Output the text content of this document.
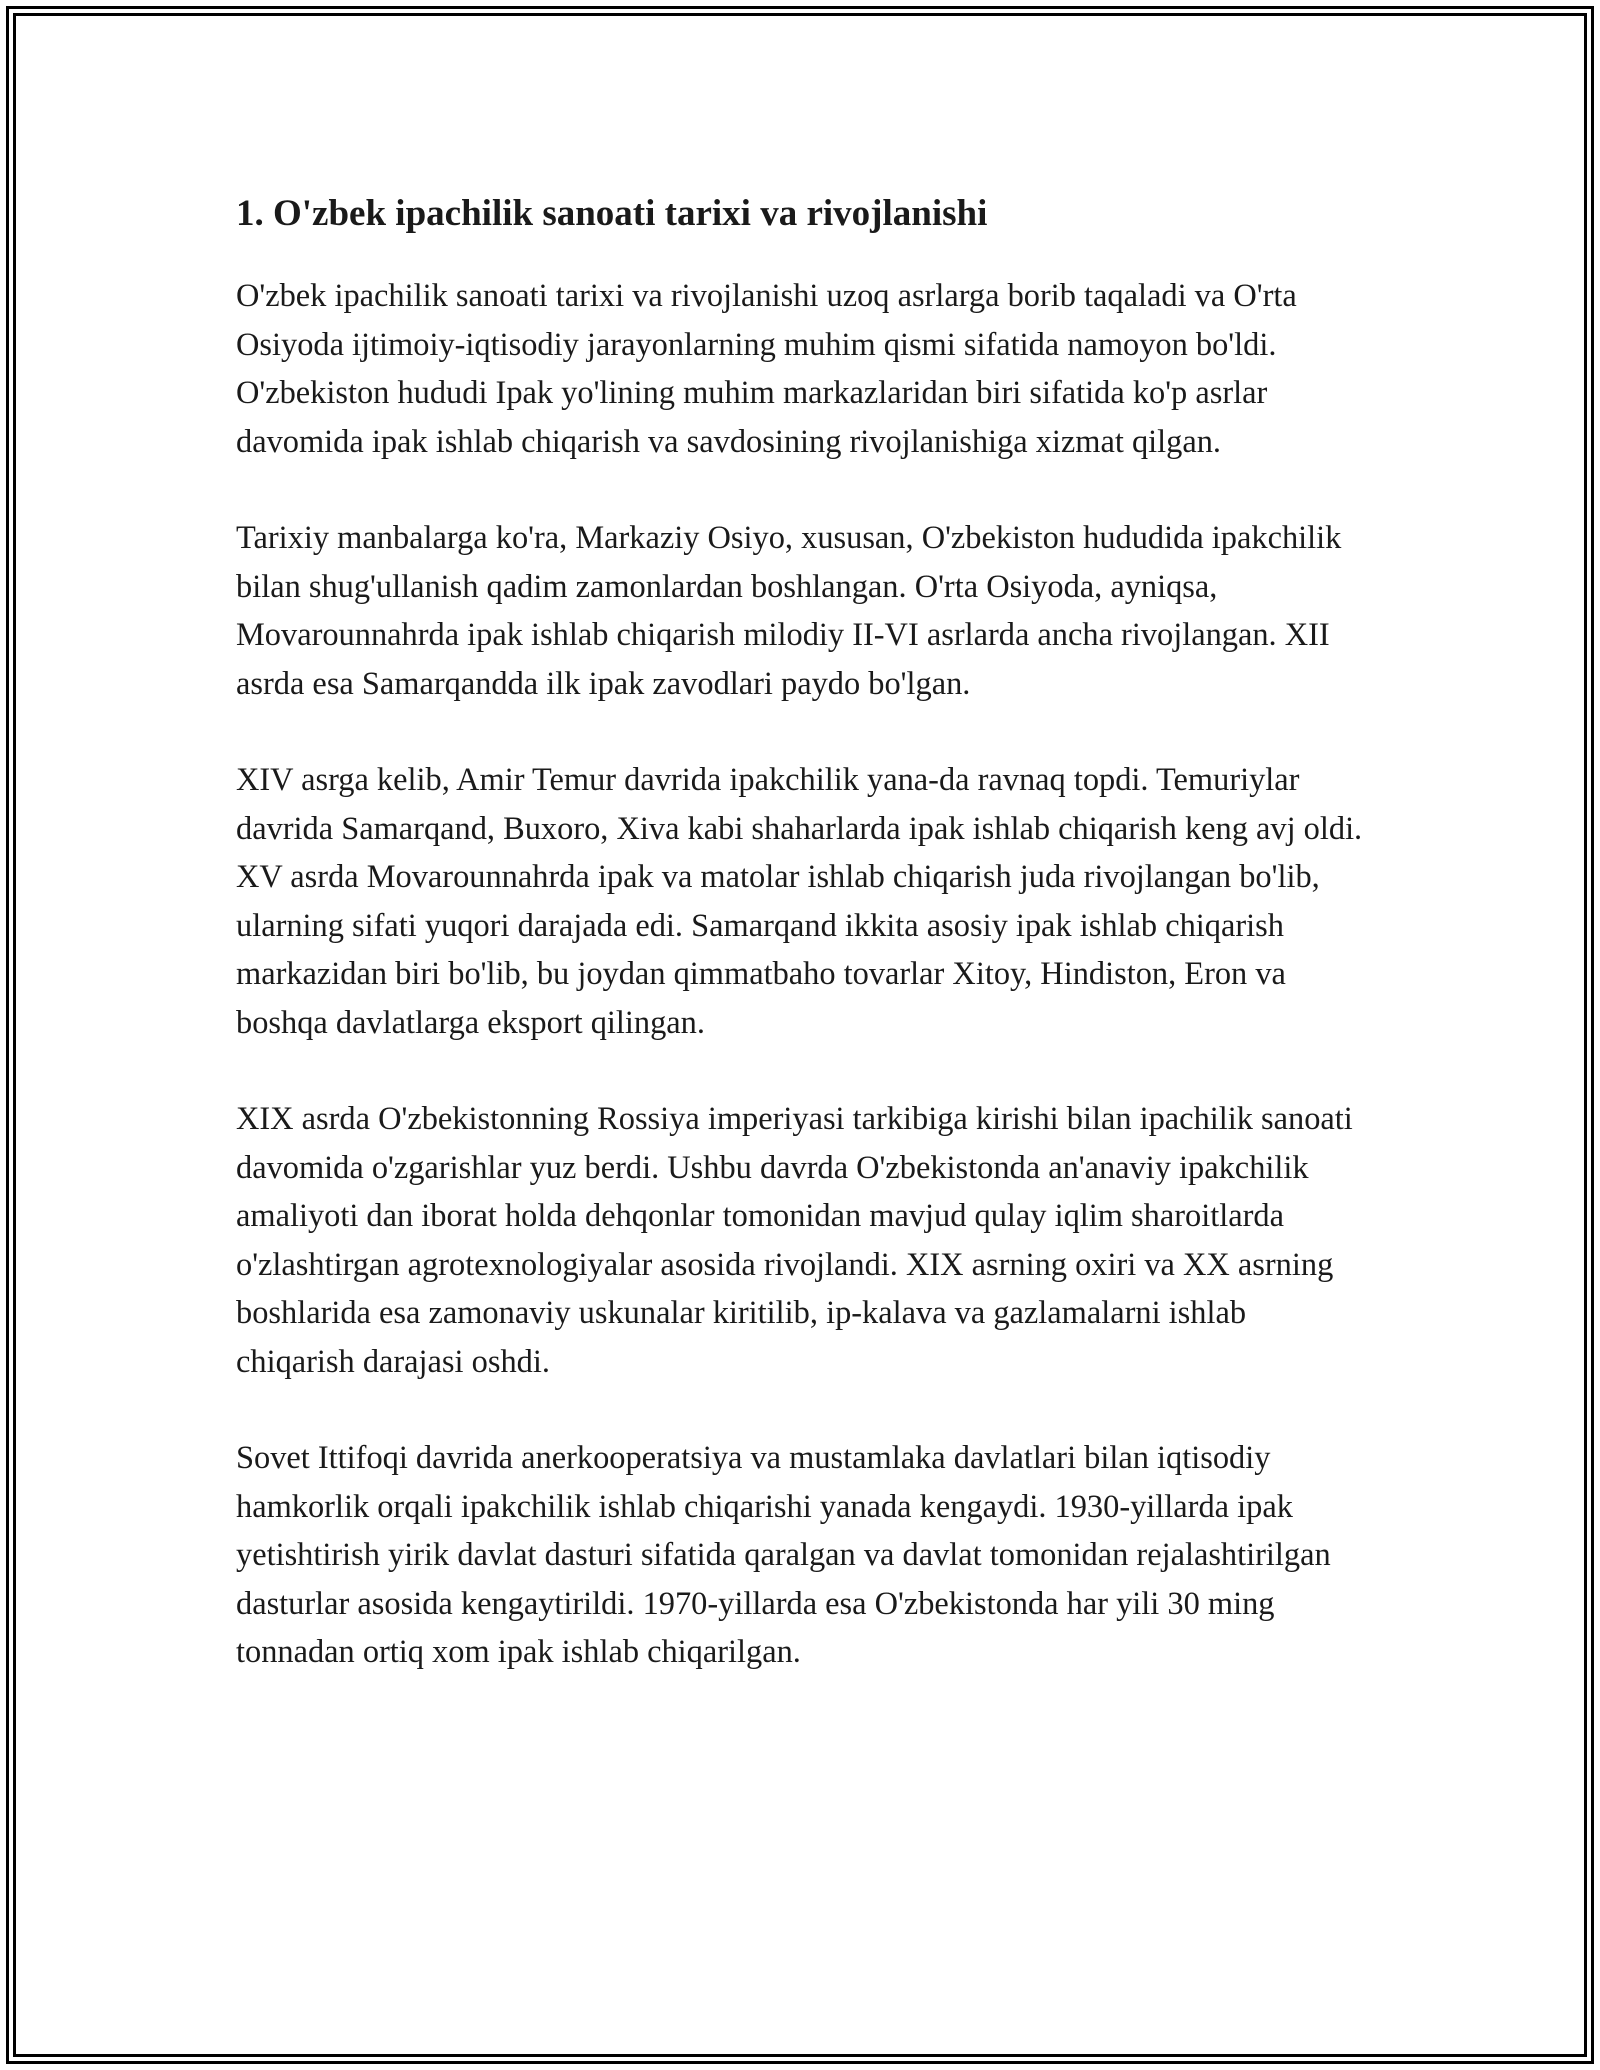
1. O'zbek ipachilik sanoati tarixi va rivojlanishi

O'zbek ipachilik sanoati tarixi va rivojlanishi uzoq asrlarga borib taqaladi va O'rta Osiyoda ijtimoiy-iqtisodiy jarayonlarning muhim qismi sifatida namoyon bo'ldi. O'zbekiston hududi Ipak yo'lining muhim markazlaridan biri sifatida ko'p asrlar davomida ipak ishlab chiqarish va savdosining rivojlanishiga xizmat qilgan.

Tarixiy manbalarga ko'ra, Markaziy Osiyo, xususan, O'zbekiston hududida ipakchilik bilan shug'ullanish qadim zamonlardan boshlangan. O'rta Osiyoda, ayniqsa, Movarounnahrda ipak ishlab chiqarish milodiy II-VI asrlarda ancha rivojlangan. XII asrda esa Samarqandda ilk ipak zavodlari paydo bo'lgan.

XIV asrga kelib, Amir Temur davrida ipakchilik yana-da ravnaq topdi. Temuriylar davrida Samarqand, Buxoro, Xiva kabi shaharlarda ipak ishlab chiqarish keng avj oldi. XV asrda Movarounnahrda ipak va matolar ishlab chiqarish juda rivojlangan bo'lib, ularning sifati yuqori darajada edi. Samarqand ikkita asosiy ipak ishlab chiqarish markazidan biri bo'lib, bu joydan qimmatbaho tovarlar Xitoy, Hindiston, Eron va boshqa davlatlarga eksport qilingan.

XIX asrda O'zbekistonning Rossiya imperiyasi tarkibiga kirishi bilan ipachilik sanoati davomida o'zgarishlar yuz berdi. Ushbu davrda O'zbekistonda an'anaviy ipakchilik amaliyoti dan iborat holda dehqonlar tomonidan mavjud qulay iqlim sharoitlarda o'zlashtirgan agrotexnologiyalar asosida rivojlandi. XIX asrning oxiri va XX asrning boshlarida esa zamonaviy uskunalar kiritilib, ip-kalava va gazlamalarni ishlab chiqarish darajasi oshdi.

Sovet Ittifoqi davrida anerkooperatsiya va mustamlaka davlatlari bilan iqtisodiy hamkorlik orqali ipakchilik ishlab chiqarishi yanada kengaydi. 1930-yillarda ipak yetishtirish yirik davlat dasturi sifatida qaralgan va davlat tomonidan rejalashtirilgan dasturlar asosida kengaytirildi. 1970-yillarda esa O'zbekistonda har yili 30 ming tonnadan ortiq xom ipak ishlab chiqarilgan.
